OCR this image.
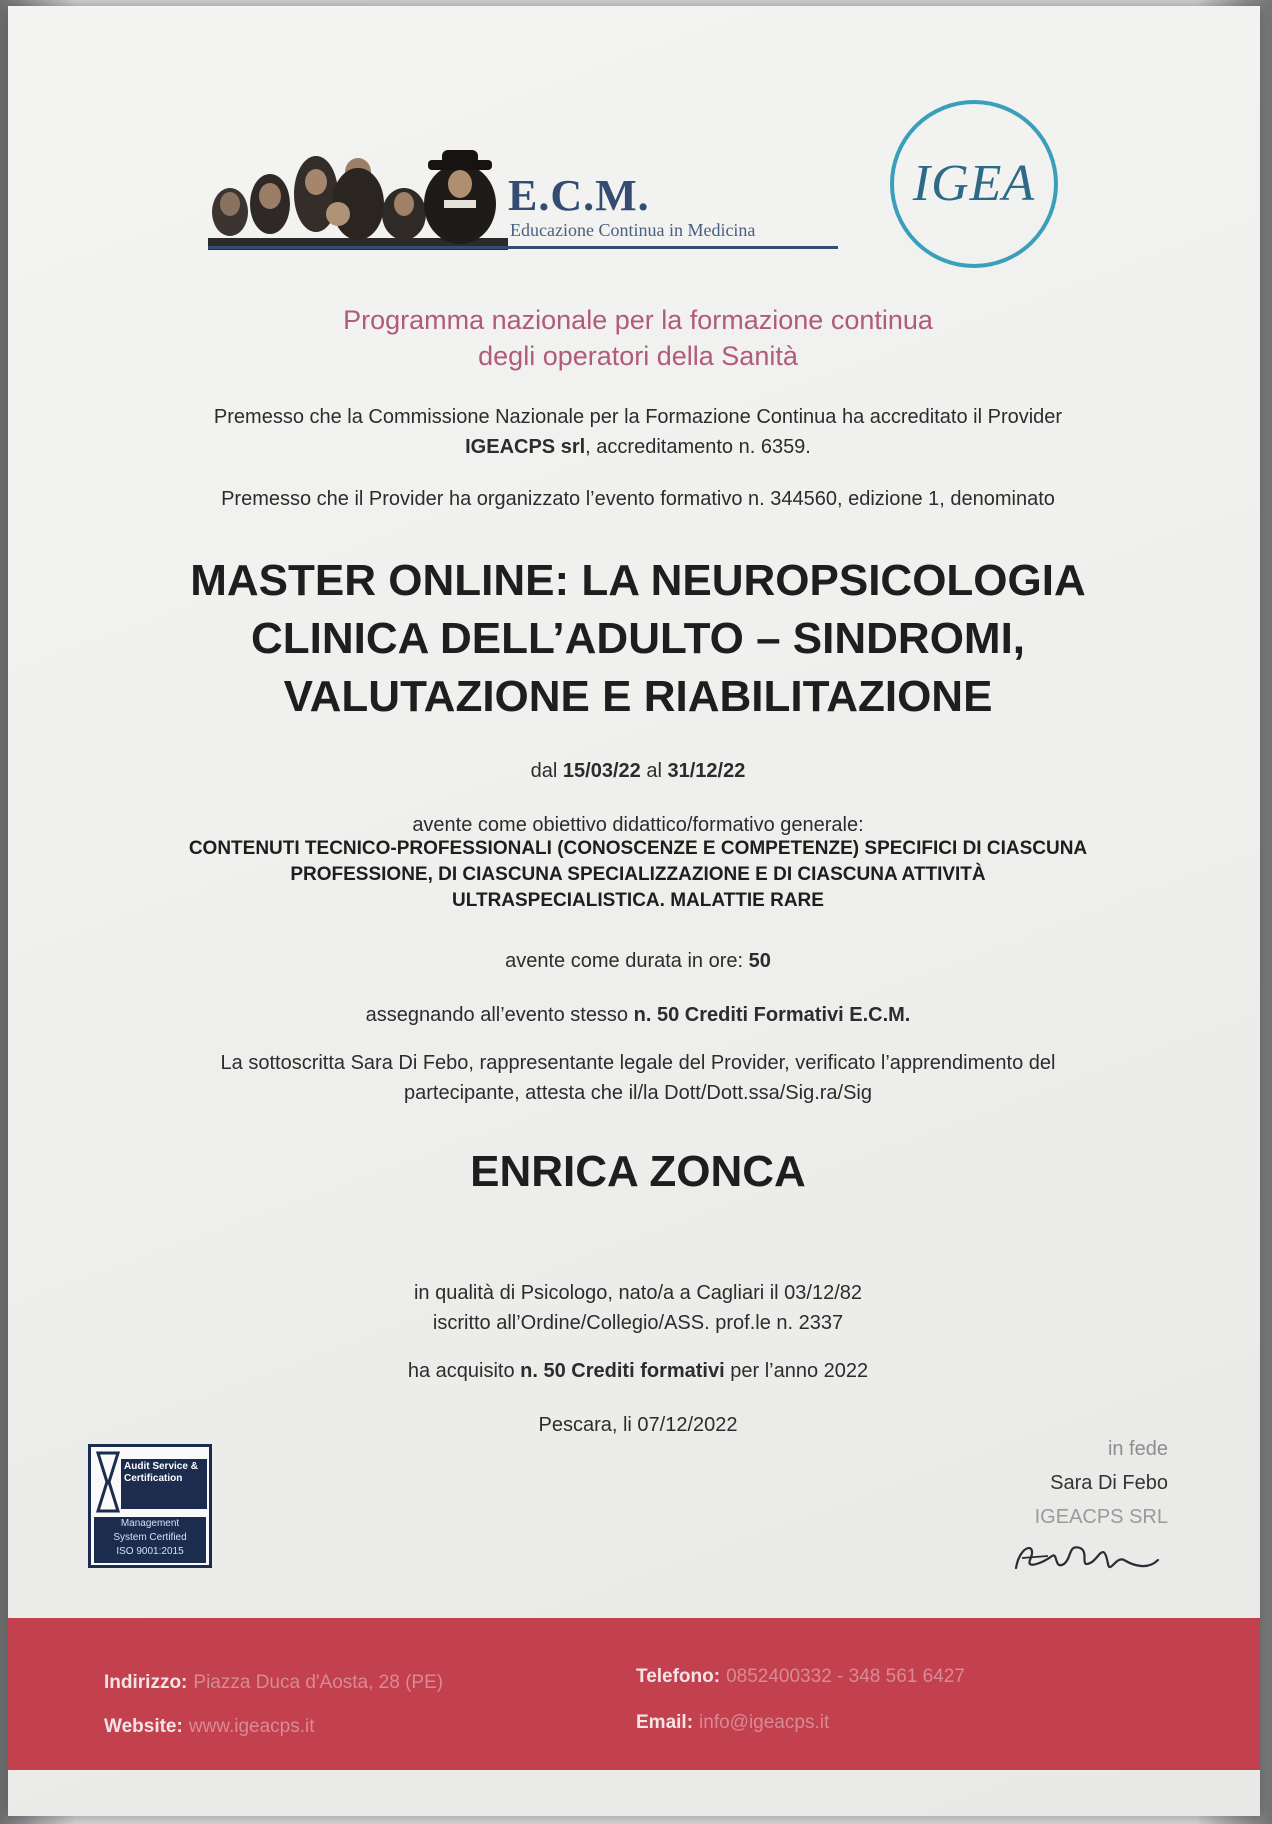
E.C.M.
Educazione Continua in Medicina
IGEA
Programma nazionale per la formazione continua
degli operatori della Sanità
Premesso che la Commissione Nazionale per la Formazione Continua ha accreditato il Provider
IGEACPS srl, accreditamento n. 6359.
Premesso che il Provider ha organizzato l’evento formativo n. 344560, edizione 1, denominato
MASTER ONLINE: LA NEUROPSICOLOGIA
CLINICA DELL’ADULTO – SINDROMI,
VALUTAZIONE E RIABILITAZIONE
dal 15/03/22 al 31/12/22
avente come obiettivo didattico/formativo generale:
CONTENUTI TECNICO-PROFESSIONALI (CONOSCENZE E COMPETENZE) SPECIFICI DI CIASCUNA
PROFESSIONE, DI CIASCUNA SPECIALIZZAZIONE E DI CIASCUNA ATTIVITÀ
ULTRASPECIALISTICA. MALATTIE RARE
avente come durata in ore: 50
assegnando all’evento stesso n. 50 Crediti Formativi E.C.M.
La sottoscritta Sara Di Febo, rappresentante legale del Provider, verificato l’apprendimento del
partecipante, attesta che il/la Dott/Dott.ssa/Sig.ra/Sig
ENRICA ZONCA
in qualità di Psicologo, nato/a a Cagliari il 03/12/82
iscritto all’Ordine/Collegio/ASS. prof.le n. 2337
ha acquisito n. 50 Crediti formativi per l’anno 2022
Pescara, li 07/12/2022
Audit Service & Certification
Management
System Certified
ISO 9001:2015
in fede
Sara Di Febo
IGEACPS SRL
Indirizzo: Piazza Duca d'Aosta, 28 (PE)
Website: www.igeacps.it
Telefono: 0852400332 - 348 561 6427
Email: info@igeacps.it
